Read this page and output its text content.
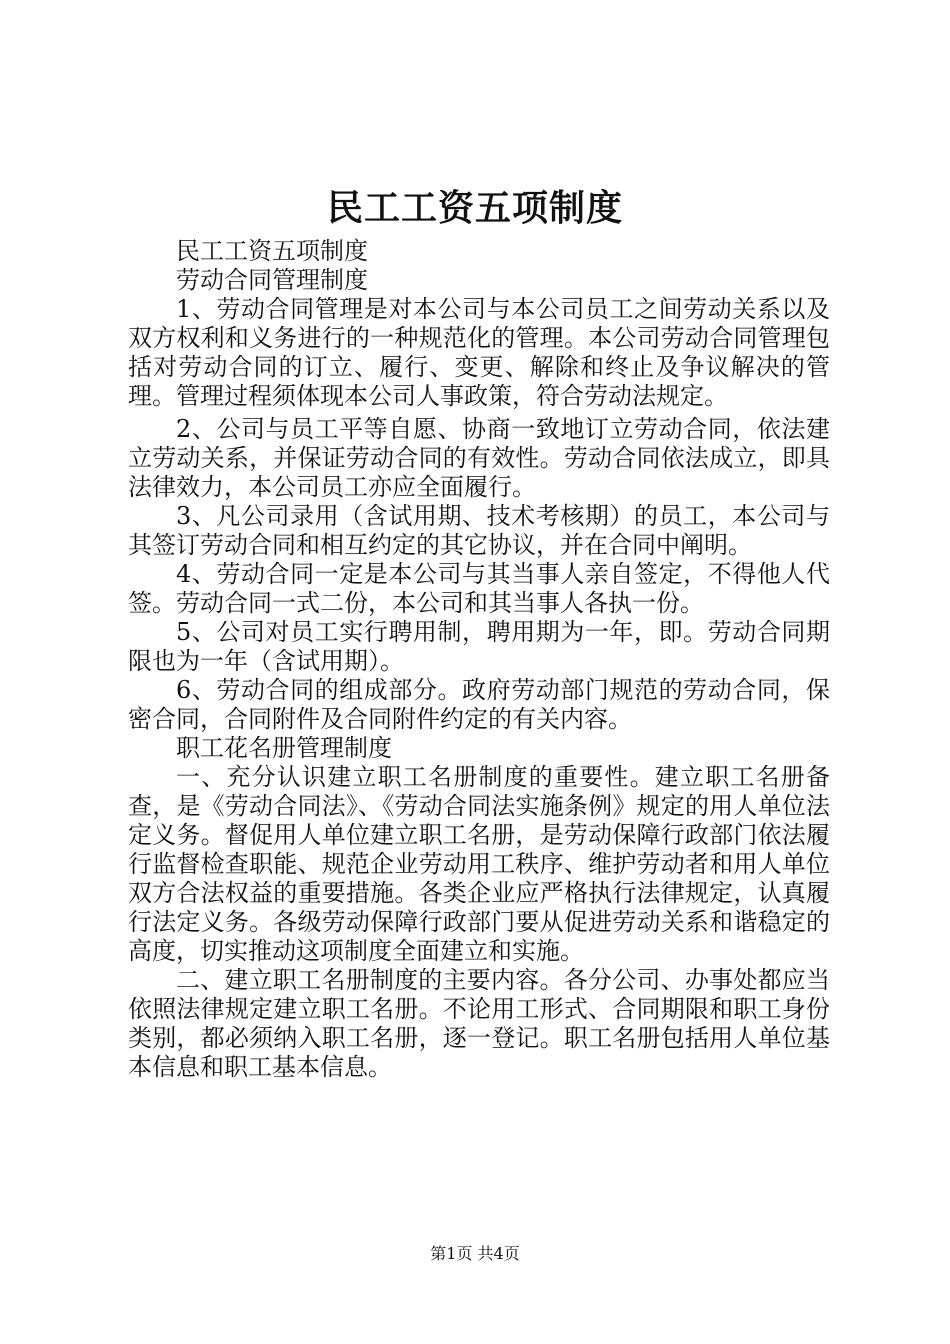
民工工资五项制度

民工工资五项制度

劳动合同管理制度

1、劳动合同管理是对本公司与本公司员工之间劳动关系以及双方权利和义务进行的一种规范化的管理。本公司劳动合同管理包括对劳动合同的订立、履行、变更、解除和终止及争议解决的管理。管理过程须体现本公司人事政策，符合劳动法规定。

2、公司与员工平等自愿、协商一致地订立劳动合同，依法建立劳动关系，并保证劳动合同的有效性。劳动合同依法成立，即具法律效力，本公司员工亦应全面履行。

3、凡公司录用（含试用期、技术考核期）的员工，本公司与其签订劳动合同和相互约定的其它协议，并在合同中阐明。

4、劳动合同一定是本公司与其当事人亲自签定，不得他人代签。劳动合同一式二份，本公司和其当事人各执一份。

5、公司对员工实行聘用制，聘用期为一年，即。劳动合同期限也为一年（含试用期）。

6、劳动合同的组成部分。政府劳动部门规范的劳动合同，保密合同，合同附件及合同附件约定的有关内容。

职工花名册管理制度

一、充分认识建立职工名册制度的重要性。建立职工名册备查，是《劳动合同法》、《劳动合同法实施条例》规定的用人单位法定义务。督促用人单位建立职工名册，是劳动保障行政部门依法履行监督检查职能、规范企业劳动用工秩序、维护劳动者和用人单位双方合法权益的重要措施。各类企业应严格执行法律规定，认真履行法定义务。各级劳动保障行政部门要从促进劳动关系和谐稳定的高度，切实推动这项制度全面建立和实施。

二、建立职工名册制度的主要内容。各分公司、办事处都应当依照法律规定建立职工名册。不论用工形式、合同期限和职工身份类别，都必须纳入职工名册，逐一登记。职工名册包括用人单位基本信息和职工基本信息。

第1页 共4页
